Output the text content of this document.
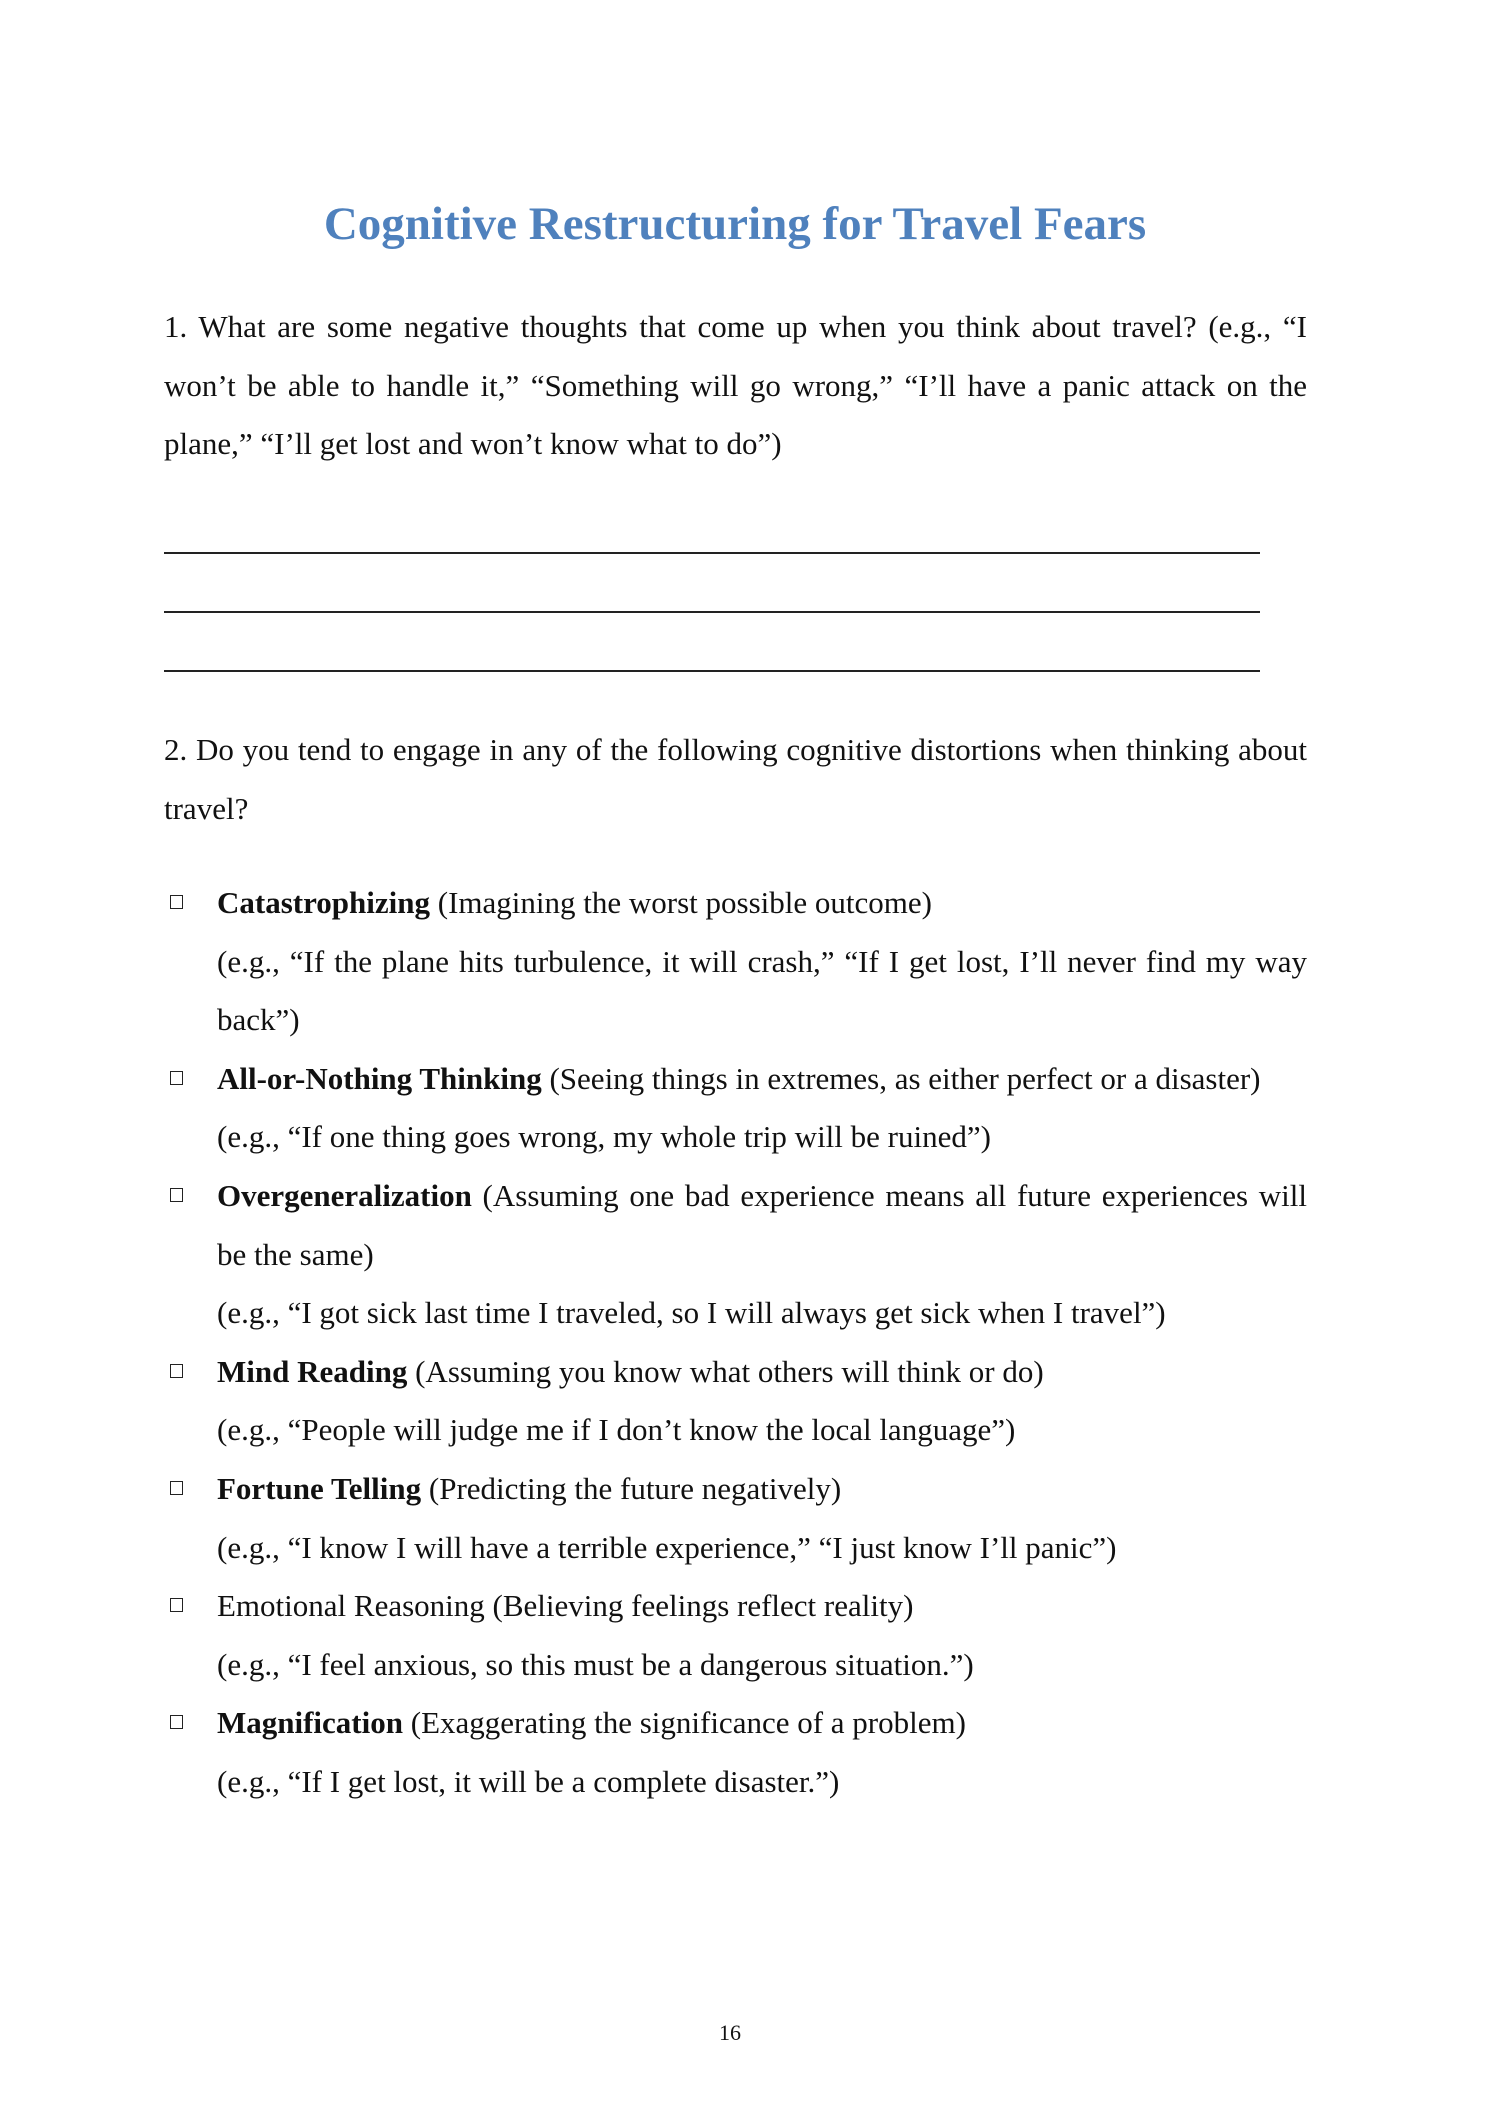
Cognitive Restructuring for Travel Fears
1. What are some negative thoughts that come up when you think about travel? (e.g., “I won’t be able to handle it,” “Something will go wrong,” “I’ll have a panic attack on the plane,” “I’ll get lost and won’t know what to do”)
2. Do you tend to engage in any of the following cognitive distortions when thinking about travel?
Catastrophizing (Imagining the worst possible outcome)
(e.g., “If the plane hits turbulence, it will crash,” “If I get lost, I’ll never find my way back”)
All-or-Nothing Thinking (Seeing things in extremes, as either perfect or a disaster)
(e.g., “If one thing goes wrong, my whole trip will be ruined”)
Overgeneralization (Assuming one bad experience means all future experiences will be the same)
(e.g., “I got sick last time I traveled, so I will always get sick when I travel”)
Mind Reading (Assuming you know what others will think or do)
(e.g., “People will judge me if I don’t know the local language”)
Fortune Telling (Predicting the future negatively)
(e.g., “I know I will have a terrible experience,” “I just know I’ll panic”)
Emotional Reasoning (Believing feelings reflect reality)
(e.g., “I feel anxious, so this must be a dangerous situation.”)
Magnification (Exaggerating the significance of a problem)
(e.g., “If I get lost, it will be a complete disaster.”)
16
